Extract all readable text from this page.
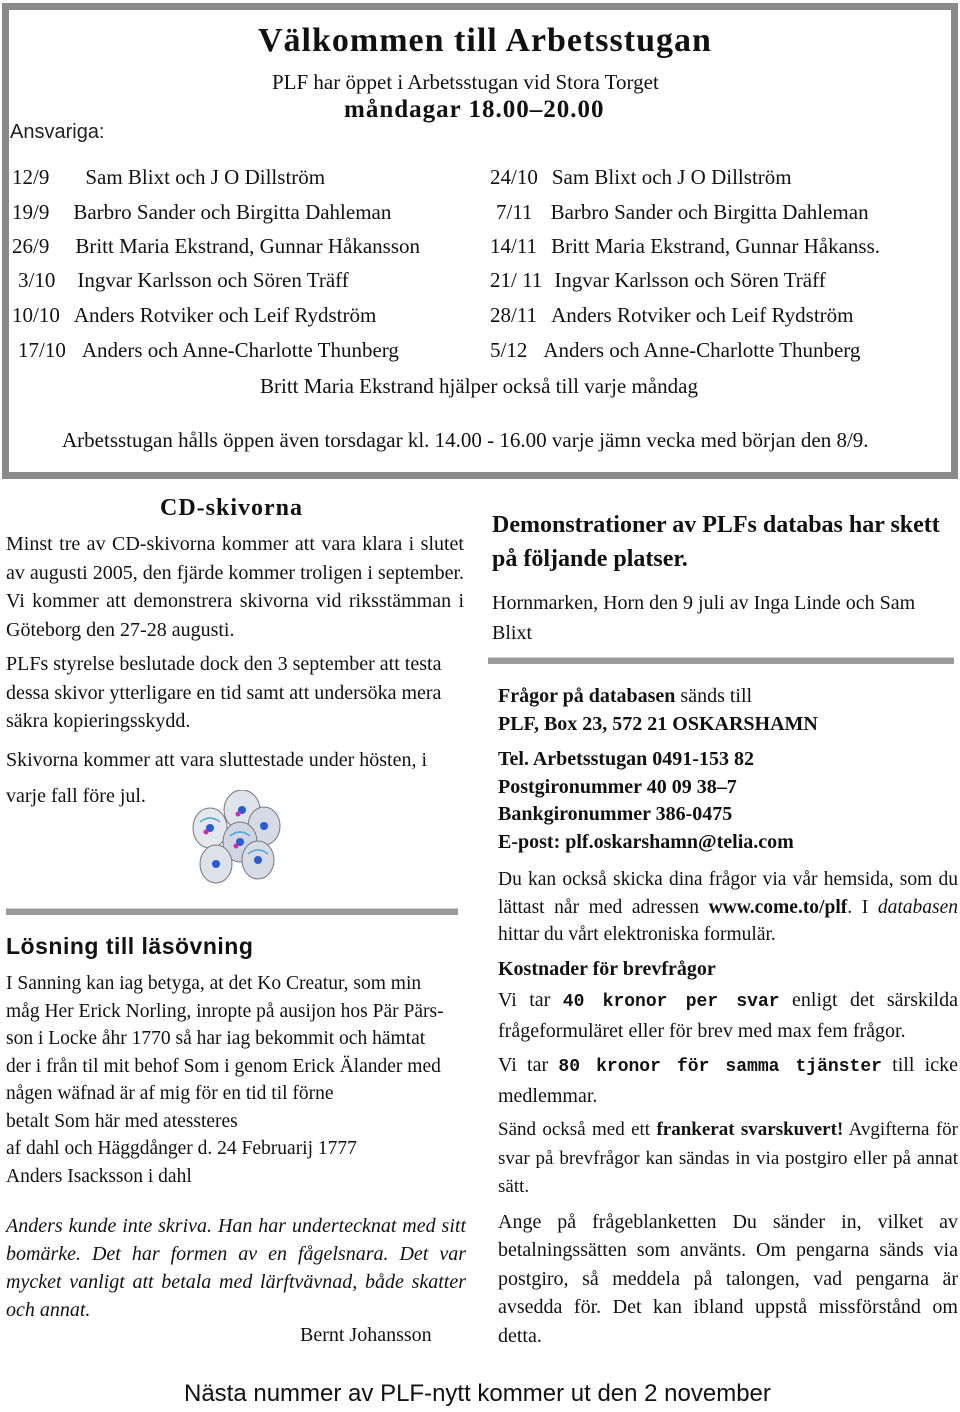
Välkommen till Arbetsstugan
PLF har öppet i Arbetsstugan vid Stora Torget
måndagar 18.00–20.00
Ansvariga:
12/9 Sam Blixt och J O Dillström
19/9 Barbro Sander och Birgitta Dahleman
26/9 Britt Maria Ekstrand, Gunnar Håkansson
3/10 Ingvar Karlsson och Sören Träff
10/10 Anders Rotviker och Leif Rydström
17/10 Anders och Anne-Charlotte Thunberg
24/10 Sam Blixt och J O Dillström
7/11 Barbro Sander och Birgitta Dahleman
14/11 Britt Maria Ekstrand, Gunnar Håkanss.
21/ 11 Ingvar Karlsson och Sören Träff
28/11 Anders Rotviker och Leif Rydström
5/12 Anders och Anne-Charlotte Thunberg
Britt Maria Ekstrand hjälper också till varje måndag
Arbetsstugan hålls öppen även torsdagar kl. 14.00 - 16.00 varje jämn vecka med början den 8/9.
CD-skivorna

Minst tre av CD-skivorna kommer att vara klara i slutet av augusti 2005, den fjärde kommer troligen i september. Vi kommer att demonstrera skivorna vid riksstämman i Göteborg den 27-28 augusti.

PLFs styrelse beslutade dock den 3 september att testa dessa skivor ytterligare en tid samt att undersöka mera säkra kopieringsskydd.

Skivorna kommer att vara sluttestade under hösten, i varje fall före jul.

Lösning till läsövning
I Sanning kan iag betyga, at det Ko Creatur, som min
måg Her Erick Norling, inropte på ausijon hos Pär Pärs-
son i Locke åhr 1770 så har iag bekommit och hämtat
der i från til mit behof Som i genom Erick Älander med
någen wäfnad är af mig för en tid til förne
betalt Som här med atessteres
af dahl och Häggdånger d. 24 Februarij 1777
Anders Isacksson i dahl
Anders kunde inte skriva. Han har undertecknat med sitt bomärke. Det har formen av en fågelsnara. Det var mycket vanligt att betala med lärftvävnad, både skatter och annat.
Bernt Johansson
Demonstrationer av PLFs databas har skett på följande platser.
Hornmarken, Horn den 9 juli av Inga Linde och Sam Blixt
Frågor på databasen sänds till
PLF, Box 23, 572 21 OSKARSHAMN
Tel. Arbetsstugan 0491-153 82
Postgironummer 40 09 38–7
Bankgironummer 386-0475
E-post: plf.oskarshamn@telia.com
Du kan också skicka dina frågor via vår hemsida, som du lättast når med adressen www.come.to/plf. I databasen hittar du vårt elektroniska formulär.
Kostnader för brevfrågor

Vi tar 40 kronor per svar enligt det särskilda frågeformuläret eller för brev med max fem frågor.

Vi tar 80 kronor för samma tjänster till icke medlemmar.

Sänd också med ett frankerat svarskuvert! Avgifterna för svar på brevfrågor kan sändas in via postgiro eller på annat sätt.

Ange på frågeblanketten Du sänder in, vilket av betalningssätten som använts. Om pengarna sänds via postgiro, så meddela på talongen, vad pengarna är avsedda för. Det kan ibland uppstå missförstånd om detta.

Nästa nummer av PLF-nytt kommer ut den 2 november
